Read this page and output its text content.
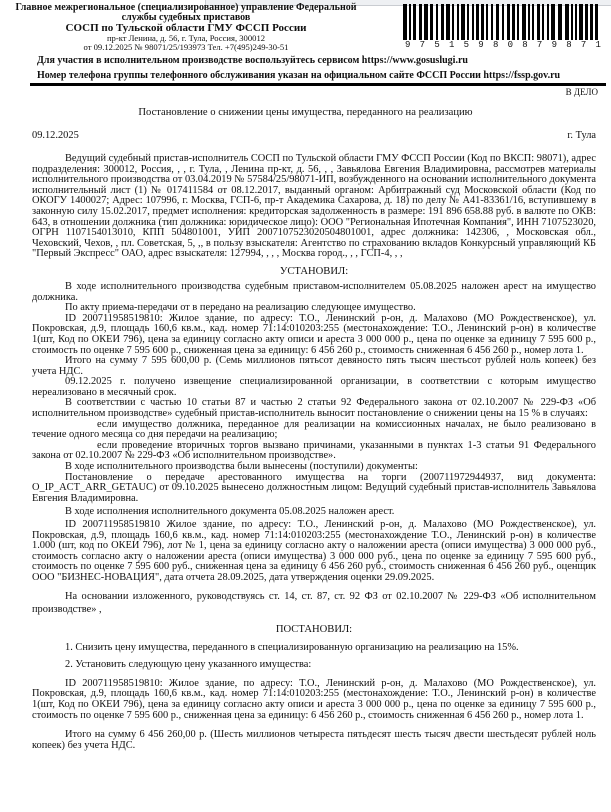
Главное межрегиональное (специализированное) управление Федеральной
службы судебных приставов
СОСП по Тульской области ГМУ ФССП России
пр-кт Ленина, д. 56, г. Тула, Россия, 300012
от 09.12.2025 № 98071/25/193973 Тел. +7(495)249-30-51	9 7 5 1 5 9 8 0 8 7 9 8 7 1
Для участия в исполнительном производстве воспользуйтесь сервисом https://www.gosuslugi.ru
Номер телефона группы телефонного обслуживания указан на официальном сайте ФССП России https://fssp.gov.ru
В ДЕЛО
Постановление о снижении цены имущества, переданного на реализацию
09.12.2025	г. Тула

Ведущий судебный пристав-исполнитель СОСП по Тульской области ГМУ ФССП России (Код по ВКСП: 98071), адрес подразделения: 300012, Россия, , , г. Тула, , Ленина пр-кт, д. 56, , , Завьялова Евгения Владимировна, рассмотрев материалы исполнительного производства от 03.04.2019 № 57584/25/98071-ИП, возбужденного на основании исполнительного документа исполнительный лист (1) № 017411584 от 08.12.2017, выданный органом: Арбитражный суд Московской области (Код по ОКОГУ 1400027; Адрес: 107996, г. Москва, ГСП-6, пр-т Академика Сахарова, д. 18) по делу № А41-83361/16, вступившему в законную силу 15.02.2017, предмет исполнения: кредиторская задолженность в размере: 191 896 658.88 руб. в валюте по ОКВ: 643, в отношении должника (тип должника: юридическое лицо): ООО "Региональная Ипотечная Компания", ИНН 7107523020, ОГРН 1107154013010, КПП 504801001, УИП 2007107523020504801001, адрес должника: 142306, , Московская обл., Чеховский, Чехов, , пл. Советская, 5, ,, в пользу взыскателя: Агентство по страхованию вкладов Конкурсный управляющий КБ "Первый Экспресс" ОАО, адрес взыскателя: 127994, , , , Москва город., , , ГСП-4, , ,

УСТАНОВИЛ:

В ходе исполнительного производства судебным приставом-исполнителем 05.08.2025 наложен арест на имущество должника.

По акту приема-передачи от в передано на реализацию следующее имущество.

ID 200711958519810: Жилое здание, по адресу: Т.О., Ленинский р-он, д. Малахово (МО Рождественское), ул. Покровская, д.9, площадь 160,6 кв.м., кад. номер 71:14:010203:255 (местонахождение: Т.О., Ленинский р-он) в количестве 1(шт, Код по ОКЕИ 796), цена за единицу согласно акту описи и ареста 3 000 000 р., цена по оценке за единицу 7 595 600 р., стоимость по оценке 7 595 600 р., сниженная цена за единицу: 6 456 260 р., стоимость сниженная 6 456 260 р., номер лота 1.

Итого на сумму 7 595 600,00 р. (Семь миллионов пятьсот девяносто пять тысяч шестьсот рублей ноль копеек) без учета НДС.

09.12.2025 г. получено извещение специализированной организации, в соответствии с которым имущество нереализовано в месячный срок.

В соответствии с частью 10 статьи 87 и частью 2 статьи 92 Федерального закона от 02.10.2007 № 229-ФЗ «Об исполнительном производстве» судебный пристав-исполнитель выносит постановление о снижении цены на 15 % в случаях:

если имущество должника, переданное для реализации на комиссионных началах, не было реализовано в течение одного месяца со дня передачи на реализацию;

если проведение вторичных торгов вызвано причинами, указанными в пунктах 1-3 статьи 91 Федерального закона от 02.10.2007 № 229-ФЗ «Об исполнительном производстве».

В ходе исполнительного производства были вынесены (поступили) документы:

Постановление о передаче арестованного имущества на торги (200711972944937, вид документа: O_IP_ACT_ARR_GETAUC) от 09.10.2025 вынесено должностным лицом: Ведущий судебный пристав-исполнитель Завьялова Евгения Владимировна.

В ходе исполнения исполнительного документа 05.08.2025 наложен арест.

ID 200711958519810 Жилое здание, по адресу: Т.О., Ленинский р-он, д. Малахово (МО Рождественское), ул. Покровская, д.9, площадь 160,6 кв.м., кад. номер 71:14:010203:255 (местонахождение Т.О., Ленинский р-он) в количестве 1.000 (шт, код по ОКЕИ 796), лот № 1, цена за единицу согласно акту о наложении ареста (описи имущества) 3 000 000 руб., стоимость согласно акту о наложении ареста (описи имущества) 3 000 000 руб., цена по оценке за единицу 7 595 600 руб., стоимость по оценке 7 595 600 руб., сниженная цена за единицу 6 456 260 руб., стоимость сниженная 6 456 260 руб., оценщик ООО "БИЗНЕС-НОВАЦИЯ", дата отчета 28.09.2025, дата утверждения оценки 29.09.2025.

На основании изложенного, руководствуясь ст. 14, ст. 87, ст. 92 ФЗ от 02.10.2007 № 229-ФЗ «Об исполнительном производстве» ,

ПОСТАНОВИЛ:

1. Снизить цену имущества, переданного в специализированную организацию на реализацию на 15%.

2. Установить следующую цену указанного имущества:

ID 200711958519810: Жилое здание, по адресу: Т.О., Ленинский р-он, д. Малахово (МО Рождественское), ул. Покровская, д.9, площадь 160,6 кв.м., кад. номер 71:14:010203:255 (местонахождение: Т.О., Ленинский р-он) в количестве 1(шт, Код по ОКЕИ 796), цена за единицу согласно акту описи и ареста 3 000 000 р., цена по оценке за единицу 7 595 600 р., стоимость по оценке 7 595 600 р., сниженная цена за единицу: 6 456 260 р., стоимость сниженная 6 456 260 р., номер лота 1.

Итого на сумму 6 456 260,00 р. (Шесть миллионов четыреста пятьдесят шесть тысяч двести шестьдесят рублей ноль копеек) без учета НДС.
